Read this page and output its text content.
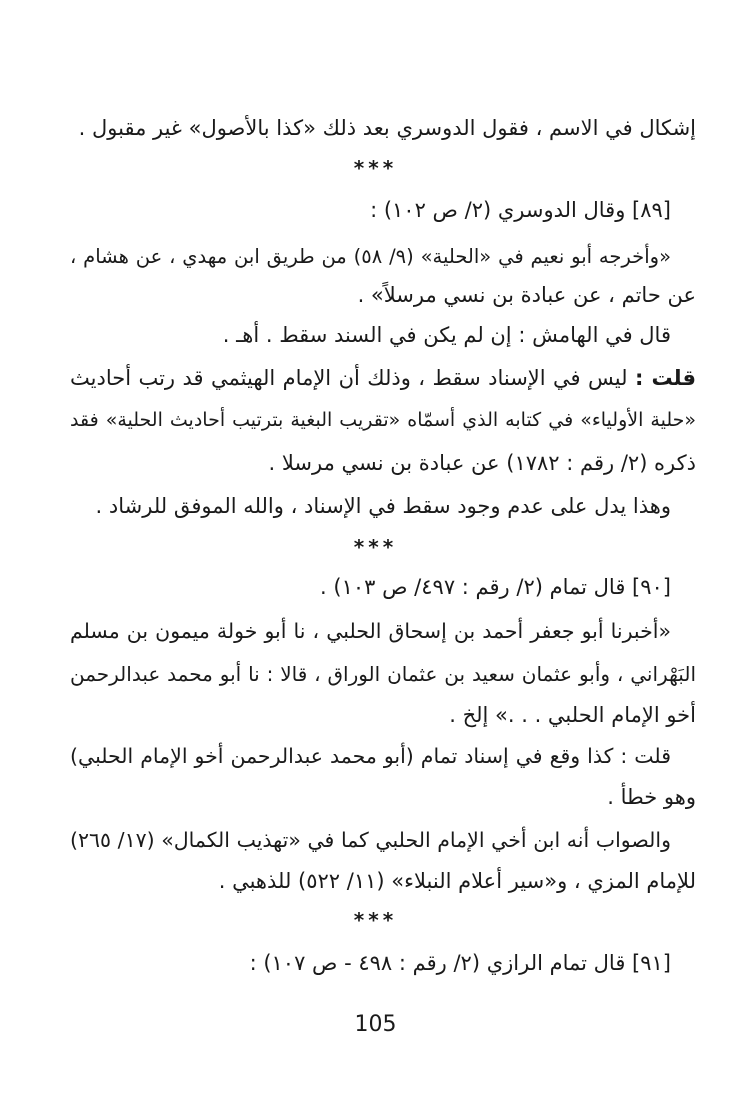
إشكال في الاسم ، فقول الدوسري بعد ذلك «كذا بالأصول» غير مقبول .
***
[٨٩] وقال الدوسري (٢/ ص ١٠٢) :
«وأخرجه أبو نعيم في «الحلية» (٩/ ٥٨) من طريق ابن مهدي ، عن هشام ،
عن حاتم ، عن عبادة بن نسي مرسلاً» .
قال في الهامش : إن لم يكن في السند سقط . أهـ .
قلت : ليس في الإسناد سقط ، وذلك أن الإمام الهيثمي قد رتب أحاديث
«حلية الأولياء» في كتابه الذي أسمّاه «تقريب البغية بترتيب أحاديث الحلية» فقد
ذكره (٢/ رقم : ١٧٨٢) عن عبادة بن نسي مرسلا .
وهذا يدل على عدم وجود سقط في الإسناد ، والله الموفق للرشاد .
***
[٩٠] قال تمام (٢/ رقم : ٤٩٧/ ص ١٠٣) .
«أخبرنا أبو جعفر أحمد بن إسحاق الحلبي ، نا أبو خولة ميمون بن مسلم
البَهْراني ، وأبو عثمان سعيد بن عثمان الوراق ، قالا : نا أبو محمد عبدالرحمن
أخو الإمام الحلبي . . .» إلخ .
قلت : كذا وقع في إسناد تمام (أبو محمد عبدالرحمن أخو الإمام الحلبي)
وهو خطأ .
والصواب أنه ابن أخي الإمام الحلبي كما في «تهذيب الكمال» (١٧/ ٢٦٥)
للإمام المزي ، و«سير أعلام النبلاء» (١١/ ٥٢٢) للذهبي .
***
[٩١] قال تمام الرازي (٢/ رقم : ٤٩٨ - ص ١٠٧) :
105
